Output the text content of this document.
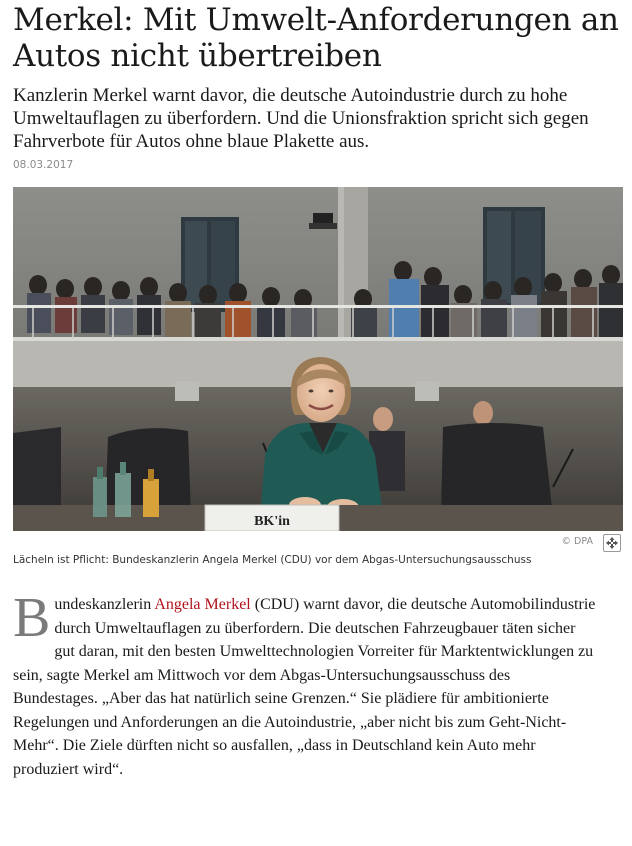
Merkel: Mit Umwelt-Anforderungen an Autos nicht übertreiben

Kanzlerin Merkel warnt davor, die deutsche Autoindustrie durch zu hohe Umweltauflagen zu überfordern. Und die Unionsfraktion spricht sich gegen Fahrverbote für Autos ohne blaue Plakette aus.

08.03.2017
BK'in
© DPA
Lächeln ist Pflicht: Bundeskanzlerin Angela Merkel (CDU) vor dem Abgas-Untersuchungsausschuss
Bundeskanzlerin Angela Merkel (CDU) warnt davor, die deutsche Automobilindustrie durch Umweltauflagen zu überfordern. Die deutschen Fahrzeugbauer täten sicher gut daran, mit den besten Umwelttechnologien Vorreiter für Marktentwicklungen zu sein, sagte Merkel am Mittwoch vor dem Abgas-Untersuchungsausschuss des Bundestages. „Aber das hat natürlich seine Grenzen.“ Sie plädiere für ambitionierte Regelungen und Anforderungen an die Autoindustrie, „aber nicht bis zum Geht-Nicht-Mehr“. Die Ziele dürften nicht so ausfallen, „dass in Deutschland kein Auto mehr produziert wird“.
